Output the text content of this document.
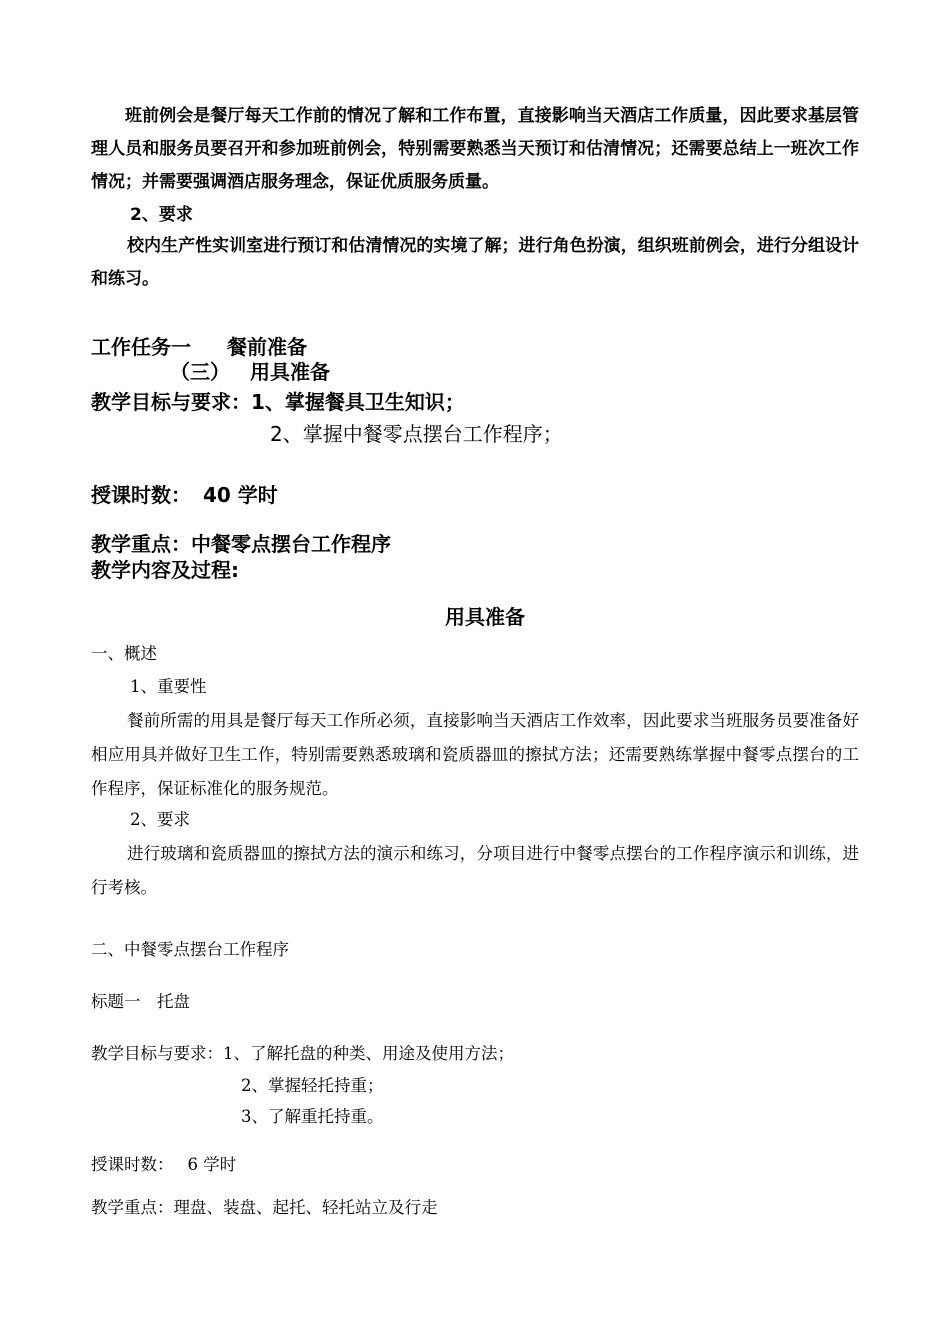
班前例会是餐厅每天工作前的情况了解和工作布置，直接影响当天酒店工作质量，因此要求基层管理人员和服务员要召开和参加班前例会，特别需要熟悉当天预订和估清情况；还需要总结上一班次工作情况；并需要强调酒店服务理念，保证优质服务质量。
2、要求
校内生产性实训室进行预订和估清情况的实境了解；进行角色扮演，组织班前例会，进行分组设计和练习。
工作任务一 餐前准备
（三） 用具准备
教学目标与要求：1、掌握餐具卫生知识；
2、掌握中餐零点摆台工作程序；
授课时数： 40 学时
教学重点：中餐零点摆台工作程序
教学内容及过程:
用具准备
一、概述
1、重要性
餐前所需的用具是餐厅每天工作所必须，直接影响当天酒店工作效率，因此要求当班服务员要准备好相应用具并做好卫生工作，特别需要熟悉玻璃和瓷质器皿的擦拭方法；还需要熟练掌握中餐零点摆台的工作程序，保证标准化的服务规范。
2、要求
进行玻璃和瓷质器皿的擦拭方法的演示和练习，分项目进行中餐零点摆台的工作程序演示和训练，进行考核。
二、中餐零点摆台工作程序
标题一　托盘
教学目标与要求：1、了解托盘的种类、用途及使用方法；
2、掌握轻托持重；
3、了解重托持重。
授课时数： 6 学时
教学重点：理盘、装盘、起托、轻托站立及行走
